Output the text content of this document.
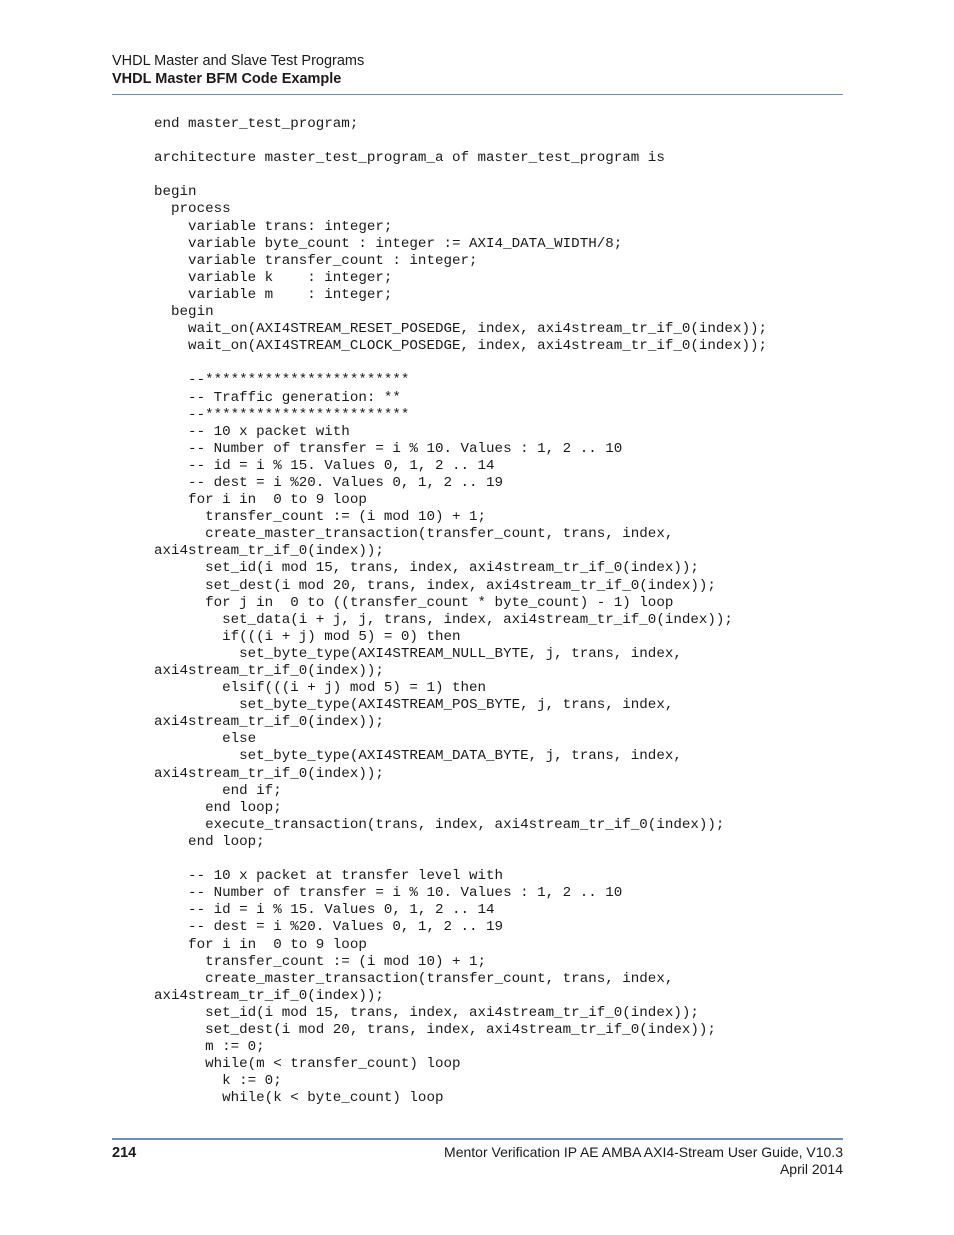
VHDL Master and Slave Test Programs

VHDL Master BFM Code Example

end master_test_program;

architecture master_test_program_a of master_test_program is

begin
process
variable trans: integer;
variable byte_count : integer := AXI4_DATA_WIDTH/8;
variable transfer_count : integer;
variable k    : integer;
variable m    : integer;
begin
wait_on(AXI4STREAM_RESET_POSEDGE, index, axi4stream_tr_if_0(index));
wait_on(AXI4STREAM_CLOCK_POSEDGE, index, axi4stream_tr_if_0(index));

--************************
-- Traffic generation: **
--************************
-- 10 x packet with
-- Number of transfer = i % 10. Values : 1, 2 .. 10
-- id = i % 15. Values 0, 1, 2 .. 14
-- dest = i %20. Values 0, 1, 2 .. 19
for i in  0 to 9 loop
transfer_count := (i mod 10) + 1;
create_master_transaction(transfer_count, trans, index,
axi4stream_tr_if_0(index));
set_id(i mod 15, trans, index, axi4stream_tr_if_0(index));
set_dest(i mod 20, trans, index, axi4stream_tr_if_0(index));
for j in  0 to ((transfer_count * byte_count) - 1) loop
set_data(i + j, j, trans, index, axi4stream_tr_if_0(index));
if(((i + j) mod 5) = 0) then
set_byte_type(AXI4STREAM_NULL_BYTE, j, trans, index,
axi4stream_tr_if_0(index));
elsif(((i + j) mod 5) = 1) then
set_byte_type(AXI4STREAM_POS_BYTE, j, trans, index,
axi4stream_tr_if_0(index));
else
set_byte_type(AXI4STREAM_DATA_BYTE, j, trans, index,
axi4stream_tr_if_0(index));
end if;
end loop;
execute_transaction(trans, index, axi4stream_tr_if_0(index));
end loop;

-- 10 x packet at transfer level with
-- Number of transfer = i % 10. Values : 1, 2 .. 10
-- id = i % 15. Values 0, 1, 2 .. 14
-- dest = i %20. Values 0, 1, 2 .. 19
for i in  0 to 9 loop
transfer_count := (i mod 10) + 1;
create_master_transaction(transfer_count, trans, index,
axi4stream_tr_if_0(index));
set_id(i mod 15, trans, index, axi4stream_tr_if_0(index));
set_dest(i mod 20, trans, index, axi4stream_tr_if_0(index));
m := 0;
while(m < transfer_count) loop
k := 0;
while(k < byte_count) loop
214	Mentor Verification IP AE AMBA AXI4-Stream User Guide, V10.3
April 2014
